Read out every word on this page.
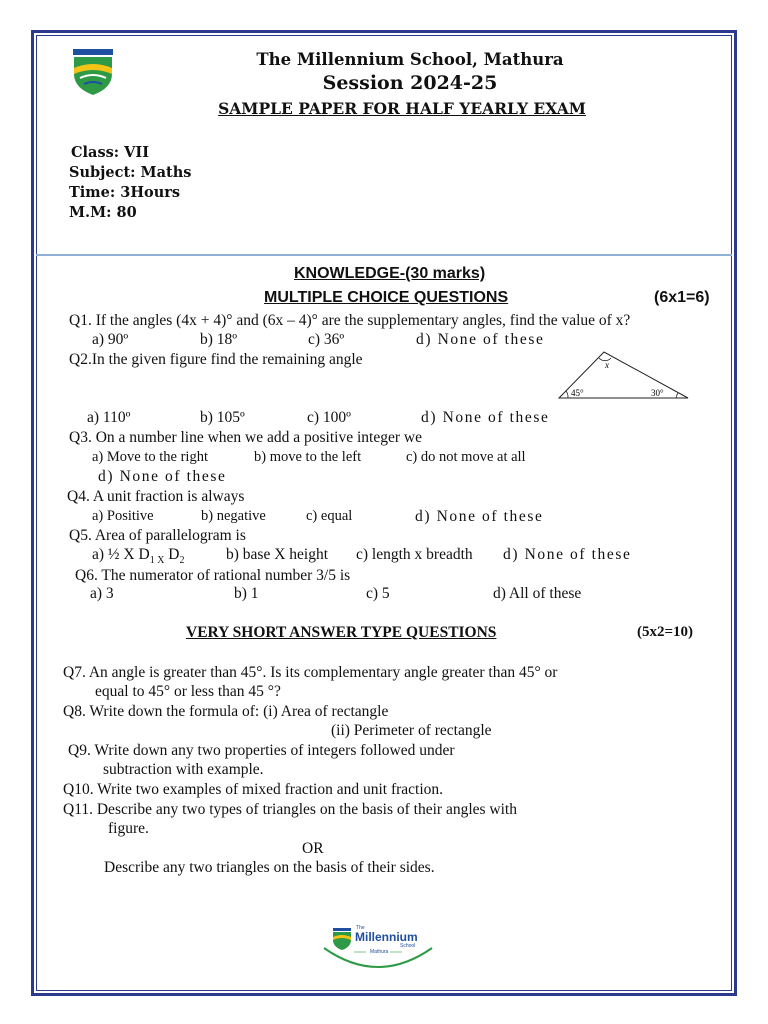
The Millennium School, Mathura
Session 2024-25
SAMPLE PAPER FOR HALF YEARLY EXAM
Class: VII
Subject: Maths
Time: 3Hours
M.M: 80
KNOWLEDGE-(30 marks)
MULTIPLE CHOICE QUESTIONS	(6x1=6)
Q1. If the angles (4x + 4)° and (6x – 4)° are the supplementary angles, find the value of x?
a) 90º	b) 18º	c) 36º	d) None of these
Q2.In the given figure find the remaining angle	x
45°	30°
a) 110º	b) 105º	c) 100º	d) None of these
Q3. On a number line when we add a positive integer we
a) Move to the right	b) move to the left	c) do not move at all
d) None of these
Q4. A unit fraction is always
a) Positive	b) negative	c) equal	d) None of these
Q5. Area of parallelogram is
a) ½ X $D_{1 X}$ $D_2$	b) base X height c) length x breadth d) None of these
Q6. The numerator of rational number 3/5 is
a) 3	b) 1	c) 5	d) All of these
VERY SHORT ANSWER TYPE QUESTIONS	(5x2=10)
Q7. An angle is greater than 45°. Is its complementary angle greater than 45° or
equal to 45° or less than 45 °?
Q8. Write down the formula of: (i) Area of rectangle
(ii) Perimeter of rectangle
Q9. Write down any two properties of integers followed under
subtraction with example.
Q10. Write two examples of mixed fraction and unit fraction.
Q11. Describe any two types of triangles on the basis of their angles with
figure.
OR
Describe any two triangles on the basis of their sides.
The
Millennium
School
Mathura
